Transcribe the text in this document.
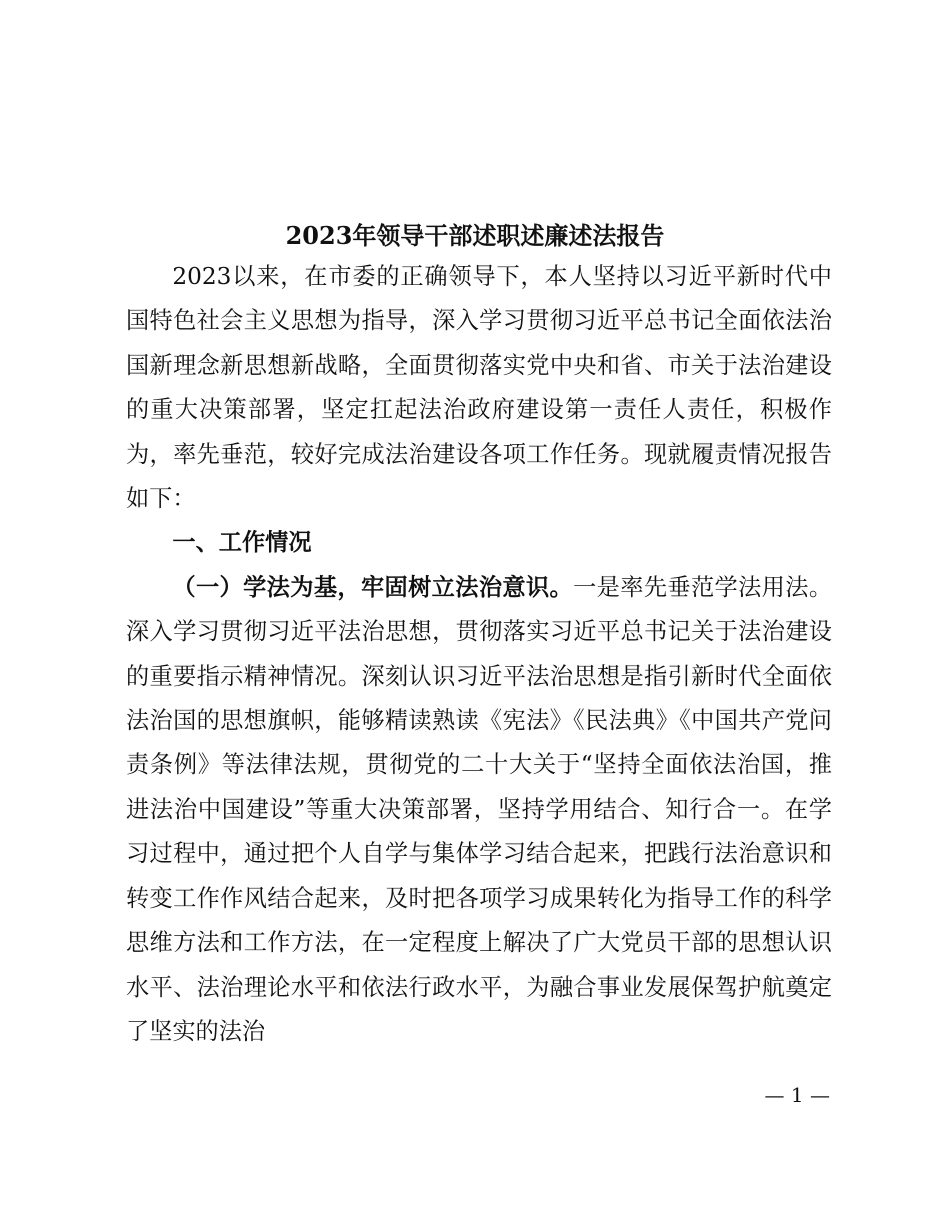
2023年领导干部述职述廉述法报告

2023以来，在市委的正确领导下，本人坚持以习近平新时代中国特色社会主义思想为指导，深入学习贯彻习近平总书记全面依法治国新理念新思想新战略，全面贯彻落实党中央和省、市关于法治建设的重大决策部署，坚定扛起法治政府建设第一责任人责任，积极作为，率先垂范，较好完成法治建设各项工作任务。现就履责情况报告如下：

一、工作情况

（一）学法为基，牢固树立法治意识。一是率先垂范学法用法。深入学习贯彻习近平法治思想，贯彻落实习近平总书记关于法治建设的重要指示精神情况。深刻认识习近平法治思想是指引新时代全面依法治国的思想旗帜，能够精读熟读《宪法》《民法典》《中国共产党问责条例》等法律法规，贯彻党的二十大关于“坚持全面依法治国，推进法治中国建设”等重大决策部署，坚持学用结合、知行合一。在学习过程中，通过把个人自学与集体学习结合起来，把践行法治意识和转变工作作风结合起来，及时把各项学习成果转化为指导工作的科学思维方法和工作方法，在一定程度上解决了广大党员干部的思想认识水平、法治理论水平和依法行政水平，为融合事业发展保驾护航奠定了坚实的法治

— 1 —
